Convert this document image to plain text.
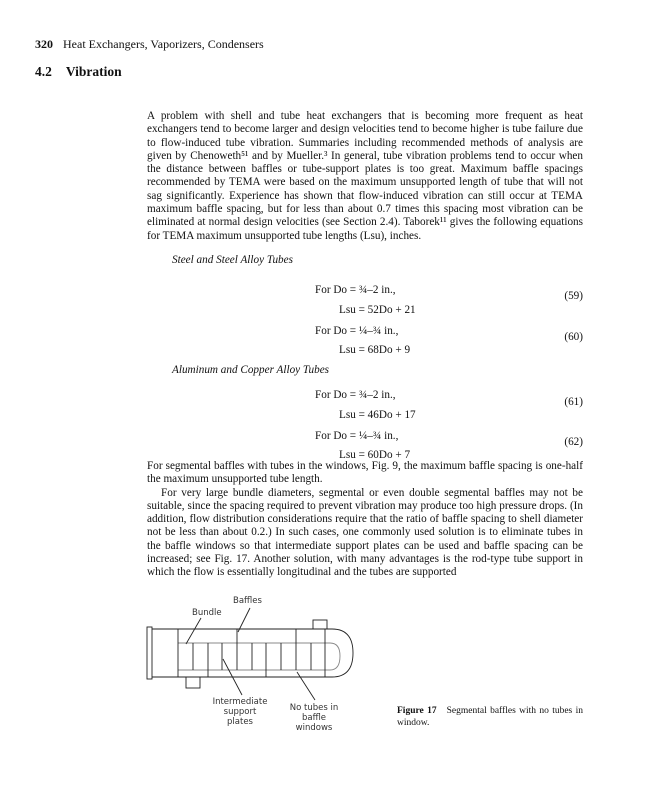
320 Heat Exchangers, Vaporizers, Condensers
4.2 Vibration
A problem with shell and tube heat exchangers that is becoming more frequent as heat exchangers tend to become larger and design velocities tend to become higher is tube failure due to flow-induced tube vibration. Summaries including recommended methods of analysis are given by Chenoweth⁵¹ and by Mueller.³ In general, tube vibration problems tend to occur when the distance between baffles or tube-support plates is too great. Maximum baffle spacings recommended by TEMA were based on the maximum unsupported length of tube that will not sag significantly. Experience has shown that flow-induced vibration can still occur at TEMA maximum baffle spacing, but for less than about 0.7 times this spacing most vibration can be eliminated at normal design velocities (see Section 2.4). Taborek¹¹ gives the following equations for TEMA maximum unsupported tube lengths (Lsu), inches.
Steel and Steel Alloy Tubes
For Do = ¾–2 in.,	(59)
Lsu = 52Do + 21
For Do = ¼–¾ in.,	(60)
Lsu = 68Do + 9
Aluminum and Copper Alloy Tubes
For Do = ¾–2 in.,
(61)
Lsu = 46Do + 17
For Do = ¼–¾ in.,	(62)
Lsu = 60Do + 7

For segmental baffles with tubes in the windows, Fig. 9, the maximum baffle spacing is one-half the maximum unsupported tube length.

For very large bundle diameters, segmental or even double segmental baffles may not be suitable, since the spacing required to prevent vibration may produce too high pressure drops. (In addition, flow distribution considerations require that the ratio of baffle spacing to shell diameter not be less than about 0.2.) In such cases, one commonly used solution is to eliminate tubes in the baffle windows so that intermediate support plates can be used and baffle spacing can be increased; see Fig. 17. Another solution, with many advantages is the rod-type tube support in which the flow is essentially longitudinal and the tubes are supported

Baffles
Bundle
Intermediate
support plates
No tubes in
baffle windows
Figure 17 Segmental baffles with no tubes in window.
